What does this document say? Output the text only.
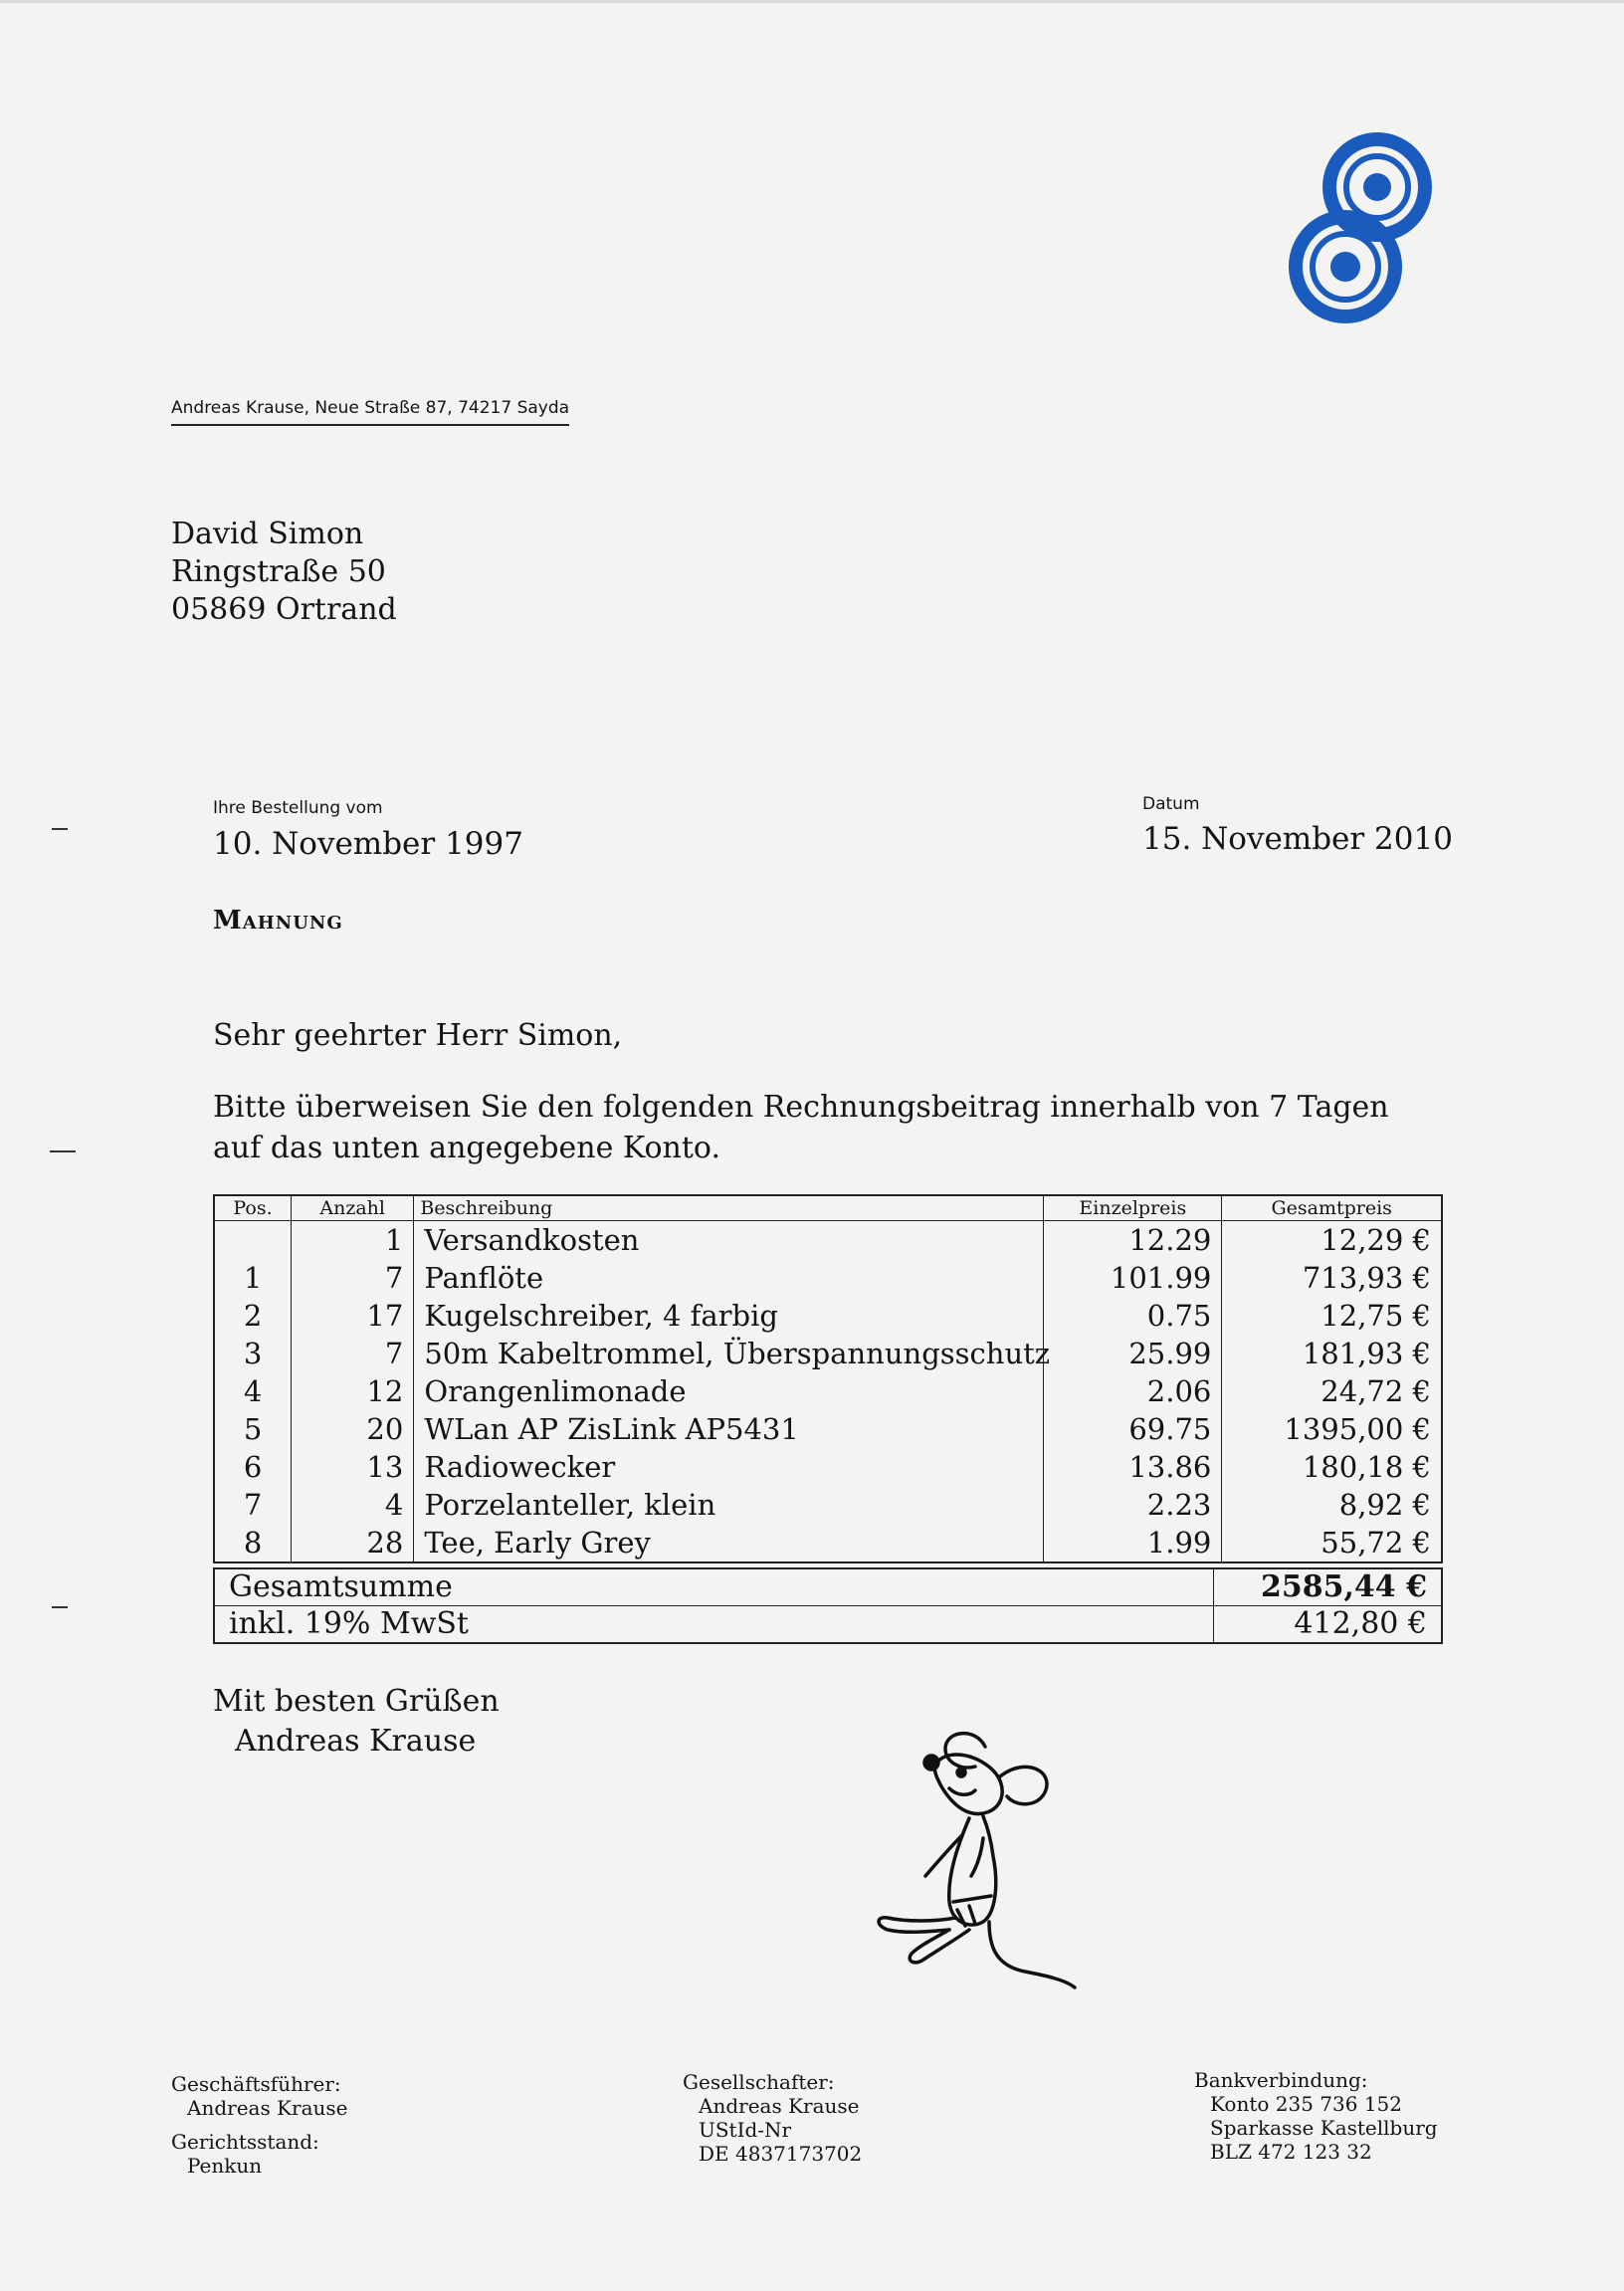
Andreas Krause, Neue Straße 87, 74217 Sayda
David Simon
Ringstraße 50
05869 Ortrand
Ihre Bestellung vom
10. November 1997
Datum
15. November 2010
Mahnung
Sehr geehrter Herr Simon,
Bitte überweisen Sie den folgenden Rechnungsbeitrag innerhalb von 7 Tagen
auf das unten angegebene Konto.
Pos.	Anzahl	Beschreibung	Einzelpreis	Gesamtpreis
	1	Versandkosten	12.29	12,29 €
1	7	Panflöte	101.99	713,93 €
2	17	Kugelschreiber, 4 farbig	0.75	12,75 €
3	7	50m Kabeltrommel, Überspannungsschutz	25.99	181,93 €
4	12	Orangenlimonade	2.06	24,72 €
5	20	WLan AP ZisLink AP5431	69.75	1395,00 €
6	13	Radiowecker	13.86	180,18 €
7	4	Porzelanteller, klein	2.23	8,92 €
8	28	Tee, Early Grey	1.99	55,72 €
Gesamtsumme	2585,44 €
inkl. 19% MwSt	412,80 €
Mit besten Grüßen
Andreas Krause
Geschäftsführer:
Andreas Krause
Gerichtsstand:
Penkun
Gesellschafter:
Andreas Krause
UStId-Nr
DE 4837173702
Bankverbindung:
Konto 235 736 152
Sparkasse Kastellburg
BLZ 472 123 32
